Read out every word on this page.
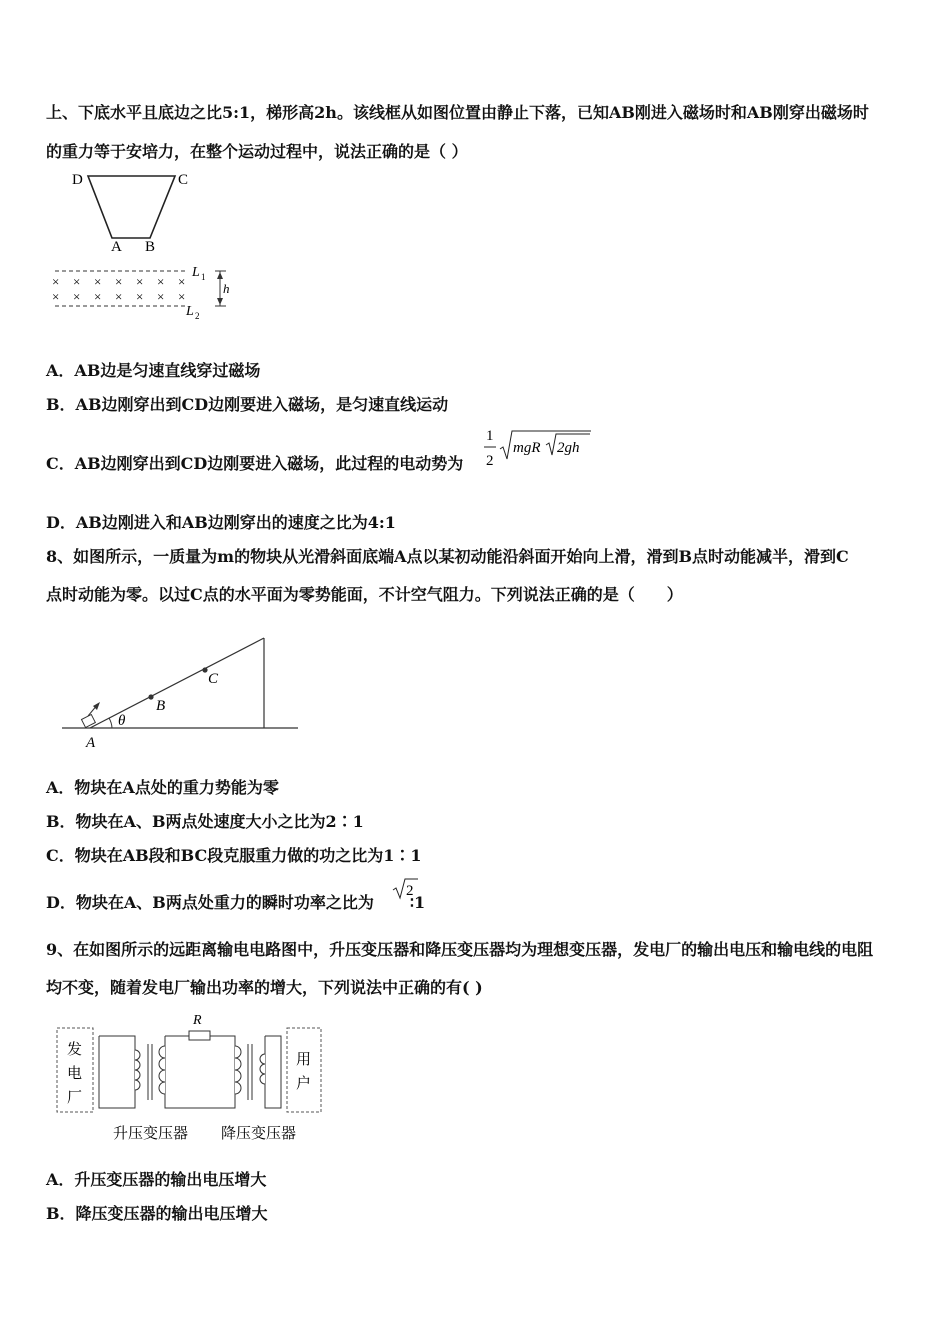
上、下底水平且底边之比5:1，梯形高2h。该线框从如图位置由静止下落，已知AB刚进入磁场时和AB刚穿出磁场时
的重力等于安培力，在整个运动过程中，说法正确的是（ ）
D	C
A B
× × × × × × ×
× × × × × × ×
L 1
L 2
h
A．AB边是匀速直线穿过磁场
B．AB边刚穿出到CD边刚要进入磁场，是匀速直线运动
C．AB边刚穿出到CD边刚要进入磁场，此过程的电动势为
1
2
mgR 2gh
D．AB边刚进入和AB边刚穿出的速度之比为4:1
8、如图所示，一质量为m的物块从光滑斜面底端A点以某初动能沿斜面开始向上滑，滑到B点时动能减半，滑到C
点时动能为零。以过C点的水平面为零势能面，不计空气阻力。下列说法正确的是（　　）
θ
A
B
C
A．物块在A点处的重力势能为零
B．物块在A、B两点处速度大小之比为2∶1
C．物块在AB段和BC段克服重力做的功之比为1∶1
D．物块在A、B两点处重力的瞬时功率之比为 ∶1
2
9、在如图所示的远距离输电电路图中，升压变压器和降压变压器均为理想变压器，发电厂的输出电压和输电线的电阻
均不变，随着发电厂输出功率的增大，下列说法中正确的有( )
发
电
厂
用
户
R
升压变压器 降压变压器
A．升压变压器的输出电压增大
B．降压变压器的输出电压增大
